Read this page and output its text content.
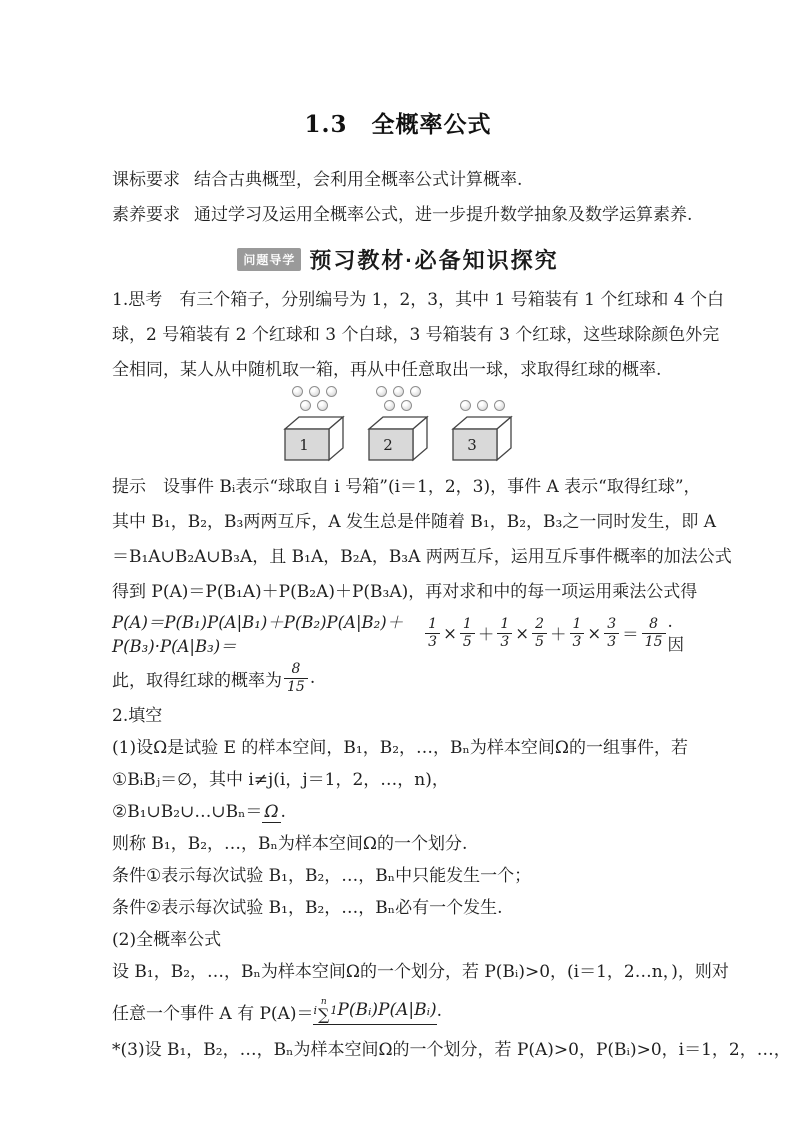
1.3　全概率公式
课标要求 结合古典概型，会利用全概率公式计算概率.
素养要求 通过学习及运用全概率公式，进一步提升数学抽象及数学运算素养.
问题导学 预习教材·必备知识探究
1.思考　有三个箱子，分别编号为 1，2，3，其中 1 号箱装有 1 个红球和 4 个白
球，2 号箱装有 2 个红球和 3 个白球，3 号箱装有 3 个红球，这些球除颜色外完
全相同，某人从中随机取一箱，再从中任意取出一球，求取得红球的概率.
1	2	3
提示　设事件 Bᵢ表示“球取自 i 号箱”(i＝1，2，3)，事件 A 表示“取得红球”，
其中 B₁，B₂，B₃两两互斥，A 发生总是伴随着 B₁，B₂，B₃之一同时发生，即 A
＝B₁A∪B₂A∪B₃A，且 B₁A，B₂A，B₃A 两两互斥，运用互斥事件概率的加法公式
得到 P(A)＝P(B₁A)＋P(B₂A)＋P(B₃A)，再对求和中的每一项运用乘法公式得
P(A)＝P(B₁)P(A|B₁)＋P(B₂)P(A|B₂)＋P(B₃)·P(A|B₃)＝	$\frac{1}{3} \times \frac{1}{5} + \frac{1}{3} \times \frac{2}{5} + \frac{1}{3} \times \frac{3}{3} = \frac{8}{15}$ .因
此，取得红球的概率为 $\frac{8}{15}$ .
2.填空
(1)设Ω是试验 E 的样本空间，B₁，B₂，…，Bₙ为样本空间Ω的一组事件，若
①BᵢBⱼ＝∅，其中 i≠j(i，j＝1，2，…，n)，
②B₁∪B₂∪…∪Bₙ＝ Ω .
则称 B₁，B₂，…，Bₙ为样本空间Ω的一个划分.
条件①表示每次试验 B₁，B₂，…，Bₙ中只能发生一个；
条件②表示每次试验 B₁，B₂，…，Bₙ必有一个发生.
(2)全概率公式
设 B₁，B₂，…，Bₙ为样本空间Ω的一个划分，若 P(Bᵢ)>0，(i＝1，2…n，)，则对
任意一个事件 A 有 P(A)＝ i
n
∑ 1 P(Bᵢ)P(A|Bᵢ) .
*(3)设 B₁，B₂，…，Bₙ为样本空间Ω的一个划分，若 P(A)>0，P(Bᵢ)>0，i＝1，2，…，
